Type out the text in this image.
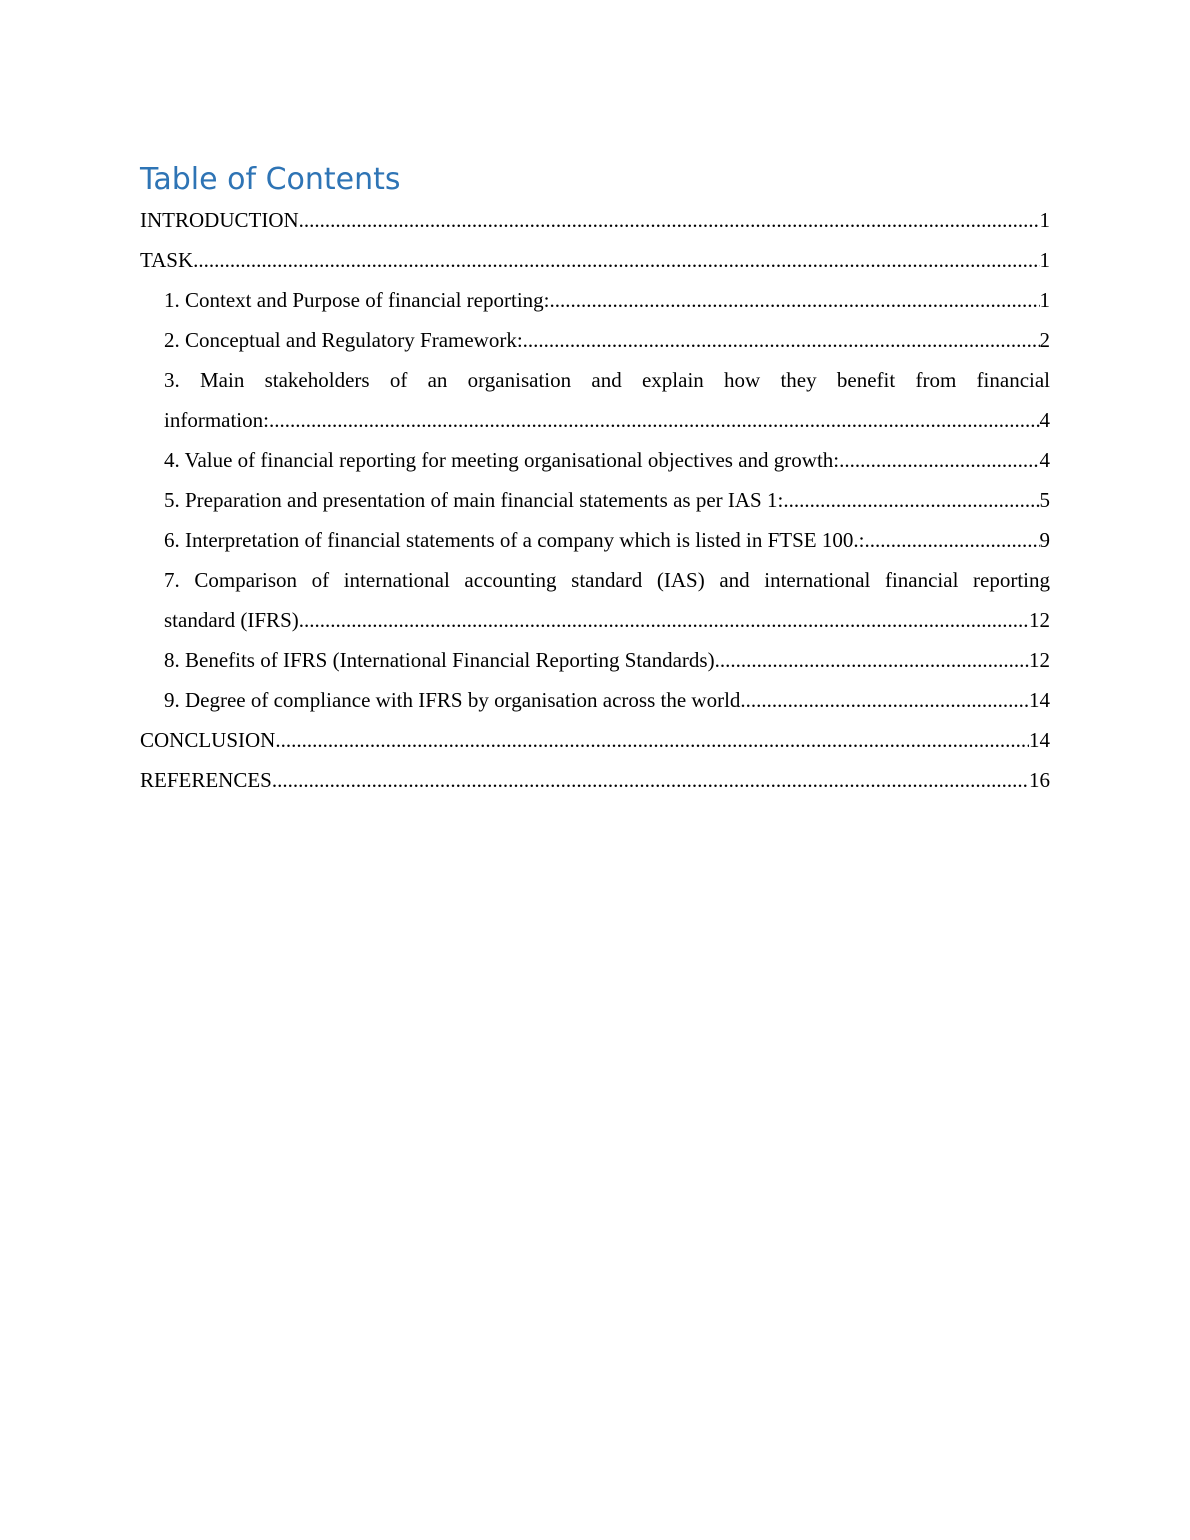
Table of Contents
INTRODUCTION .....	1
TASK .....	1
1. Context and Purpose of financial reporting: .....	1
2. Conceptual and Regulatory Framework: .....	2
3. Main stakeholders of an organisation and explain how they benefit from financial
information: .....	4
4. Value of financial reporting for meeting organisational objectives and growth: .....	4
5. Preparation and presentation of main financial statements as per IAS 1: .....	5
6. Interpretation of financial statements of a company which is listed in FTSE 100.: .....	9
7. Comparison of international accounting standard (IAS) and international financial reporting
standard (IFRS) .....	12
8. Benefits of IFRS (International Financial Reporting Standards) .....	12
9. Degree of compliance with IFRS by organisation across the world. .....	14
CONCLUSION .....	14
REFERENCES .....	16
